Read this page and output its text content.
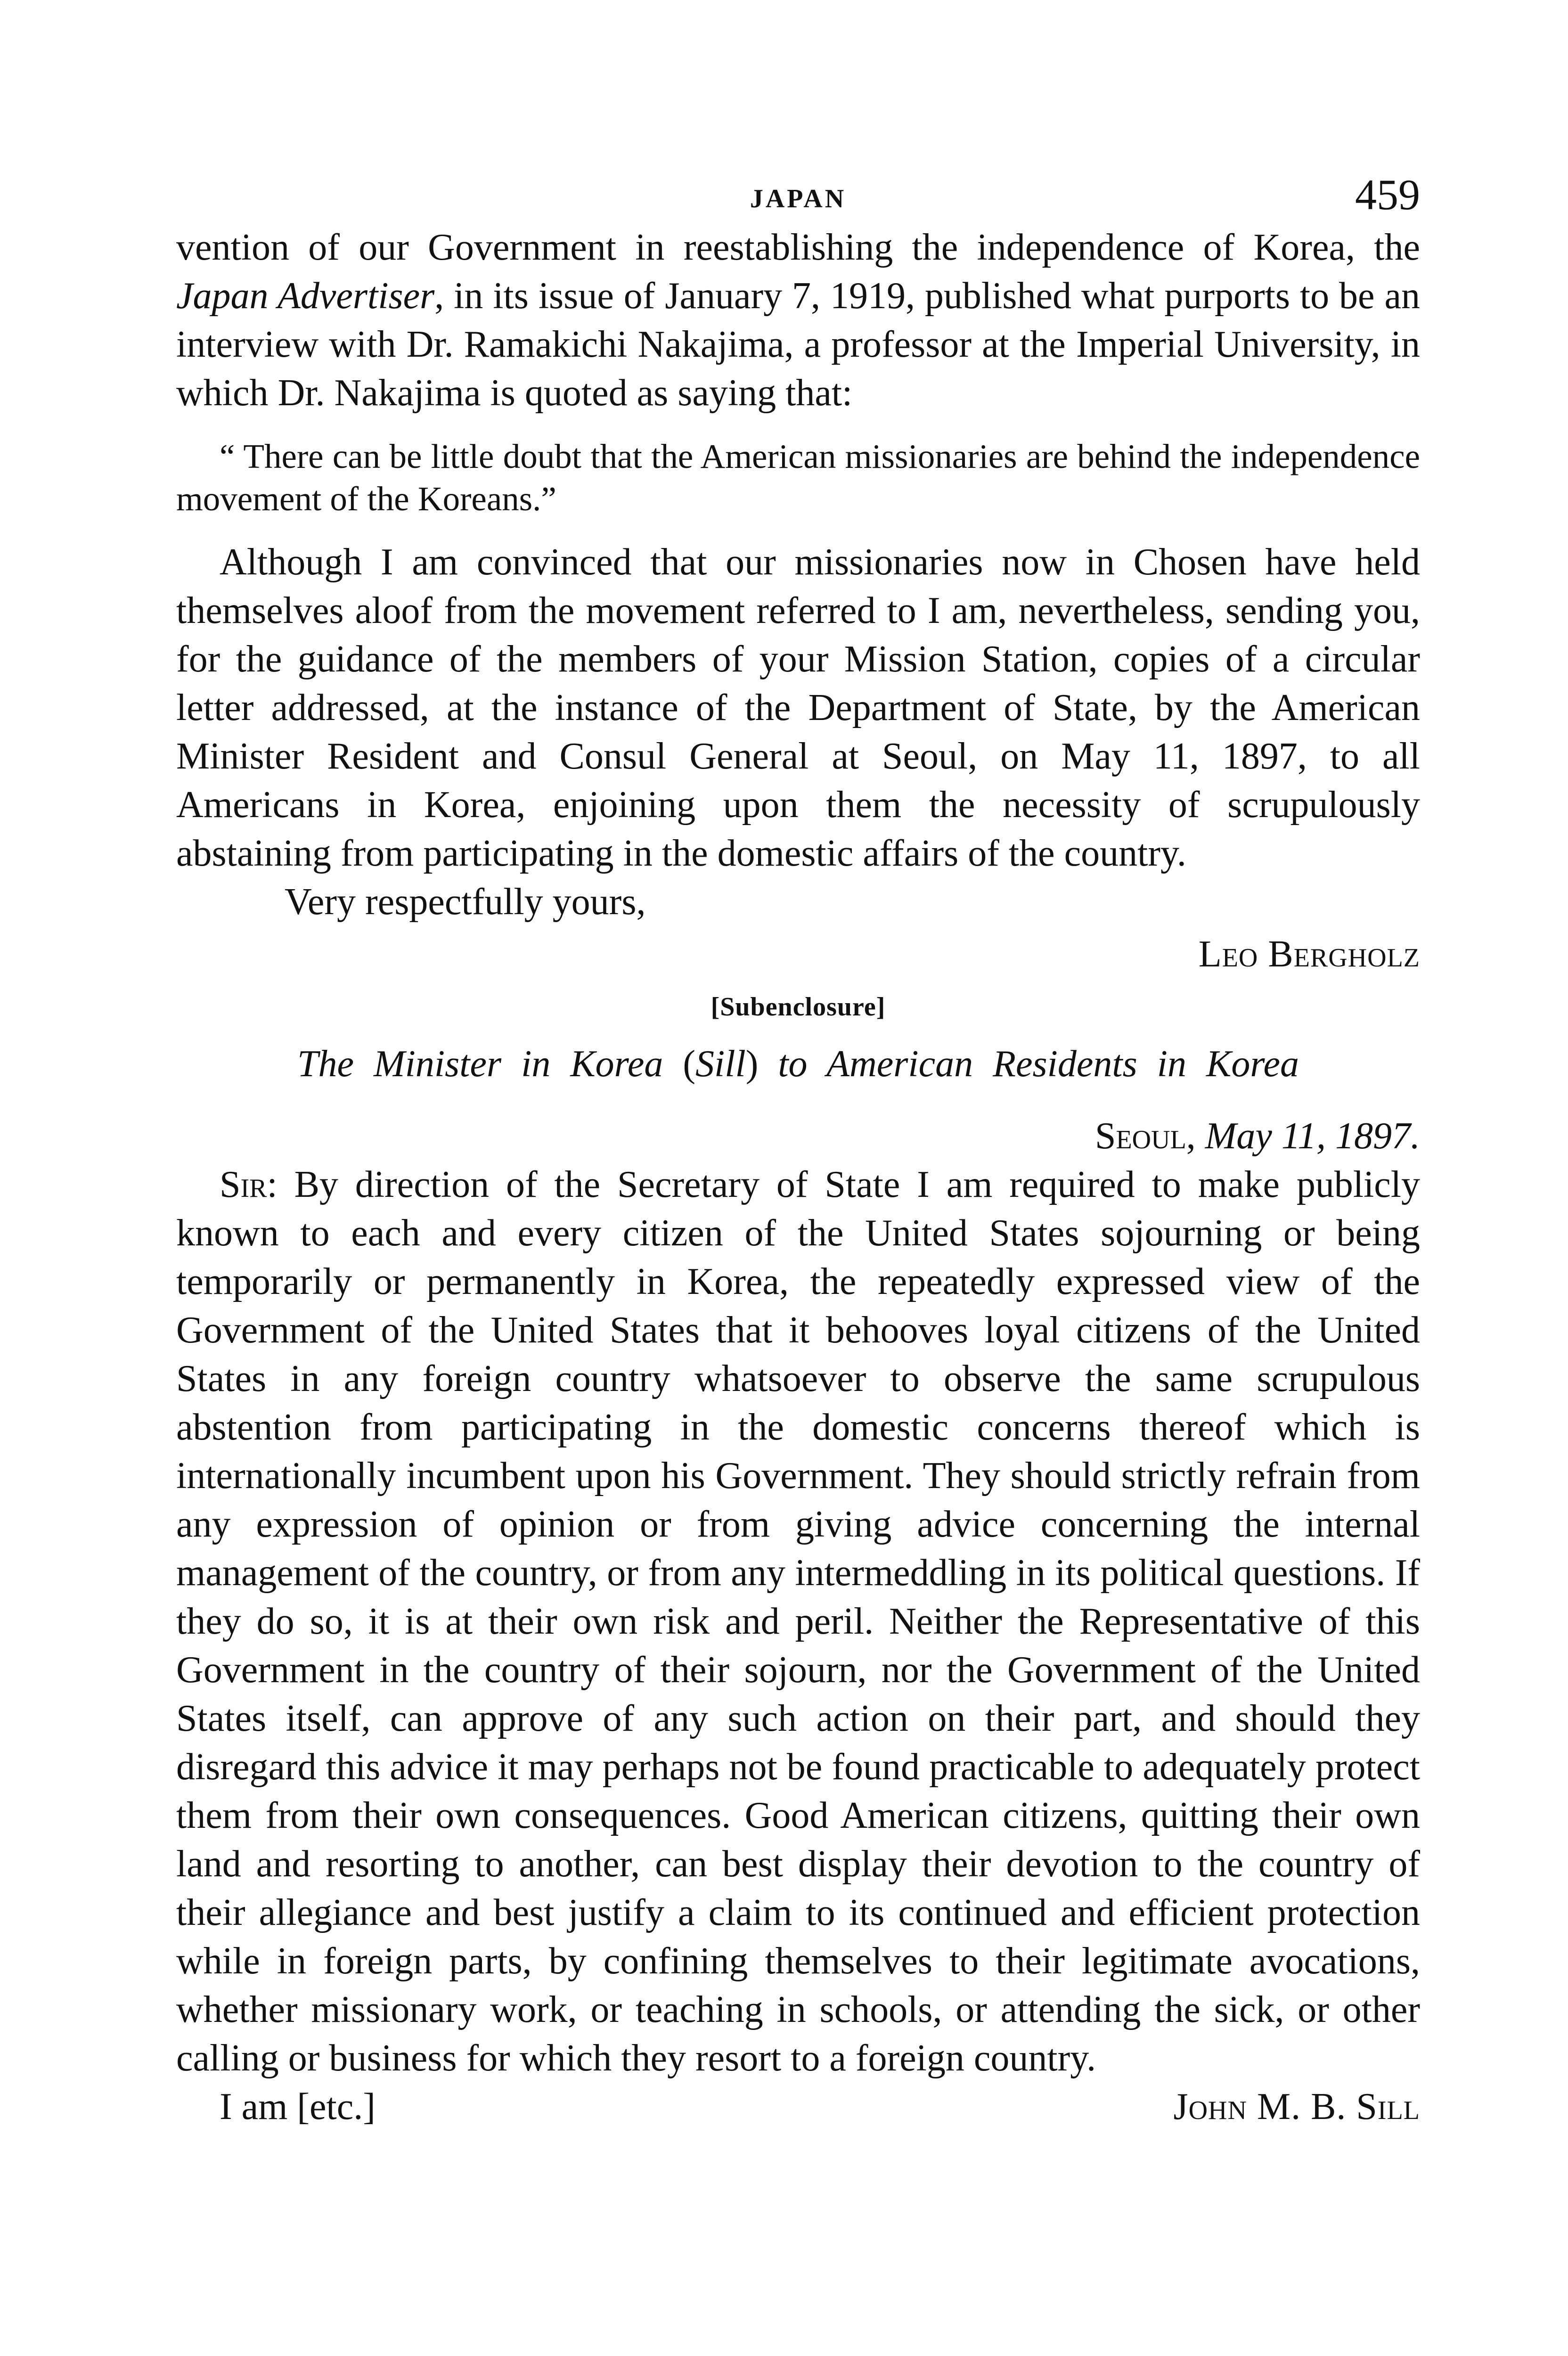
JAPAN	459

vention of our Government in reestablishing the independence of Korea, the Japan Advertiser, in its issue of January 7, 1919, published what purports to be an interview with Dr. Ramakichi Nakajima, a professor at the Imperial University, in which Dr. Nakajima is quoted as saying that:

“ There can be little doubt that the American missionaries are behind the independence movement of the Koreans.”

Although I am convinced that our missionaries now in Chosen have held themselves aloof from the movement referred to I am, nevertheless, sending you, for the guidance of the members of your Mission Station, copies of a circular letter addressed, at the instance of the Department of State, by the American Minister Resident and Consul General at Seoul, on May 11, 1897, to all Americans in Korea, enjoining upon them the necessity of scrupulously abstaining from participating in the domestic affairs of the country.

Very respectfully yours,

Leo Bergholz

[Subenclosure]

The Minister in Korea (Sill) to American Residents in Korea

Seoul, May 11, 1897.

Sir: By direction of the Secretary of State I am required to make publicly known to each and every citizen of the United States sojourning or being temporarily or permanently in Korea, the repeatedly expressed view of the Government of the United States that it behooves loyal citizens of the United States in any foreign country whatsoever to observe the same scrupulous abstention from participating in the domestic concerns thereof which is internationally incumbent upon his Government. They should strictly refrain from any expression of opinion or from giving advice concerning the internal management of the country, or from any intermeddling in its political questions. If they do so, it is at their own risk and peril. Neither the Representative of this Government in the country of their sojourn, nor the Government of the United States itself, can approve of any such action on their part, and should they disregard this advice it may perhaps not be found practicable to adequately protect them from their own consequences. Good American citizens, quitting their own land and resorting to another, can best display their devotion to the country of their allegiance and best justify a claim to its continued and efficient protection while in foreign parts, by confining themselves to their legitimate avocations, whether missionary work, or teaching in schools, or attending the sick, or other calling or business for which they resort to a foreign country.

I am [etc.]	John M. B. Sill
